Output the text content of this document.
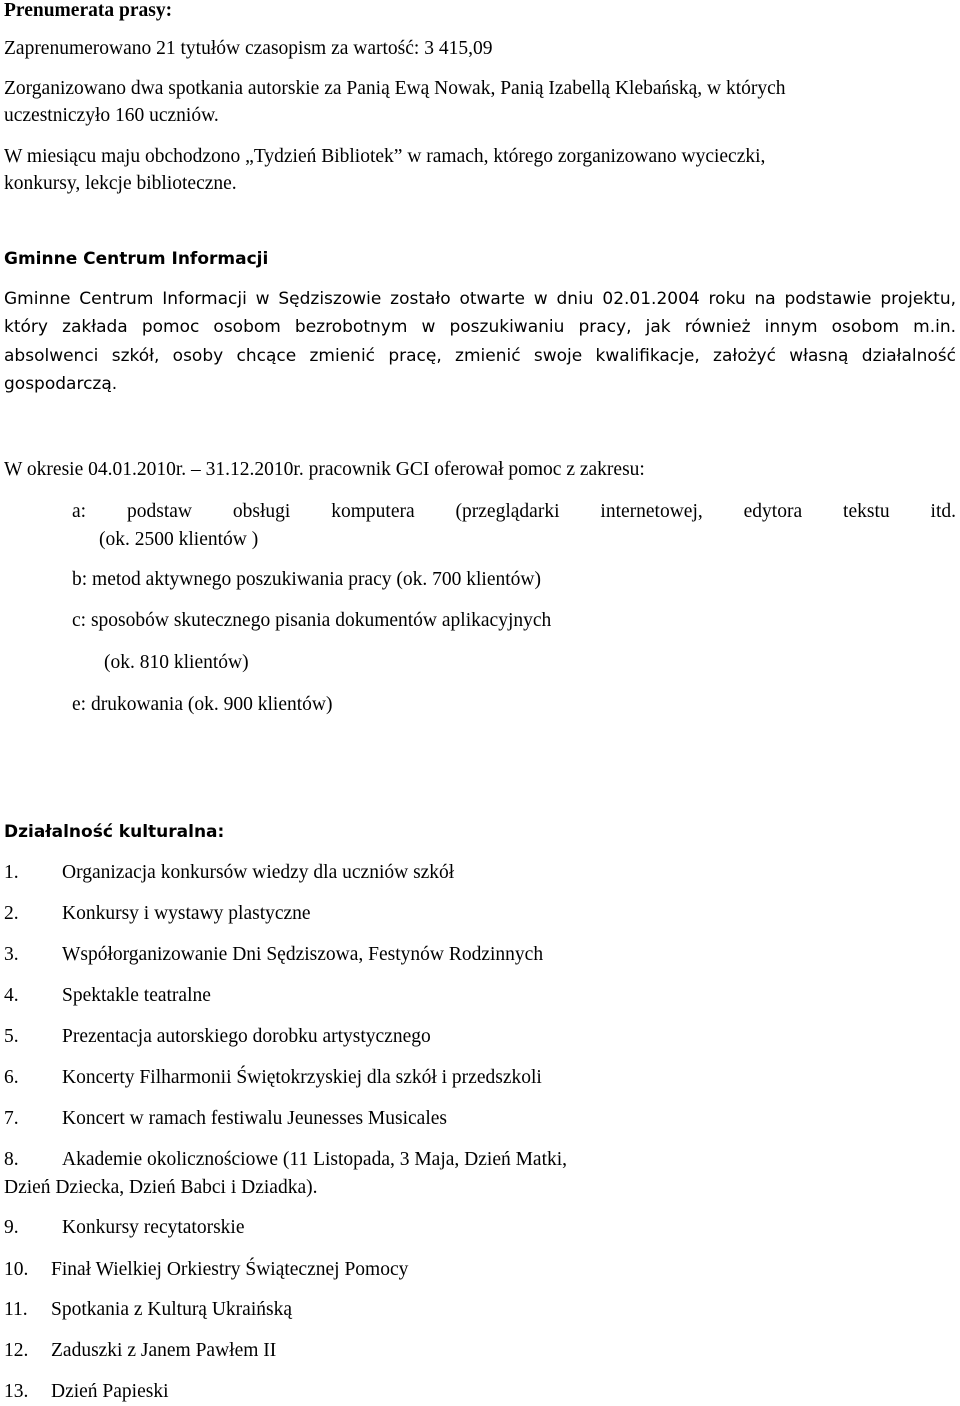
Prenumerata prasy:
Zaprenumerowano 21 tytułów czasopism za wartość: 3 415,09
Zorganizowano dwa spotkania autorskie za Panią Ewą Nowak, Panią Izabellą Klebańską, w których
uczestniczyło 160 uczniów.
W miesiącu maju obchodzono „Tydzień Bibliotek” w ramach, którego zorganizowano wycieczki,
konkursy, lekcje biblioteczne.
Gminne Centrum Informacji
Gminne Centrum Informacji w Sędziszowie zostało otwarte w dniu 02.01.2004 roku na podstawie projektu,
który zakłada pomoc osobom bezrobotnym w poszukiwaniu pracy, jak również innym osobom m.in.
absolwenci szkół, osoby chcące zmienić pracę, zmienić swoje kwalifikacje, założyć własną działalność
gospodarczą.
W okresie 04.01.2010r. – 31.12.2010r. pracownik GCI oferował pomoc z zakresu:
a: podstaw obsługi komputera (przeglądarki internetowej, edytora tekstu itd.
(ok. 2500 klientów )
b: metod aktywnego poszukiwania pracy (ok. 700 klientów)
c: sposobów skutecznego pisania dokumentów aplikacyjnych
(ok. 810 klientów)
e: drukowania (ok. 900 klientów)
Działalność kulturalna:
1. Organizacja konkursów wiedzy dla uczniów szkół
2. Konkursy i wystawy plastyczne
3. Współorganizowanie Dni Sędziszowa, Festynów Rodzinnych
4. Spektakle teatralne
5. Prezentacja autorskiego dorobku artystycznego
6. Koncerty Filharmonii Świętokrzyskiej dla szkół i przedszkoli
7. Koncert w ramach festiwalu Jeunesses Musicales
8. Akademie okolicznościowe (11 Listopada, 3 Maja, Dzień Matki,
Dzień Dziecka, Dzień Babci i Dziadka).
9. Konkursy recytatorskie
10. Finał Wielkiej Orkiestry Świątecznej Pomocy
11. Spotkania z Kulturą Ukraińską
12. Zaduszki z Janem Pawłem II
13. Dzień Papieski
